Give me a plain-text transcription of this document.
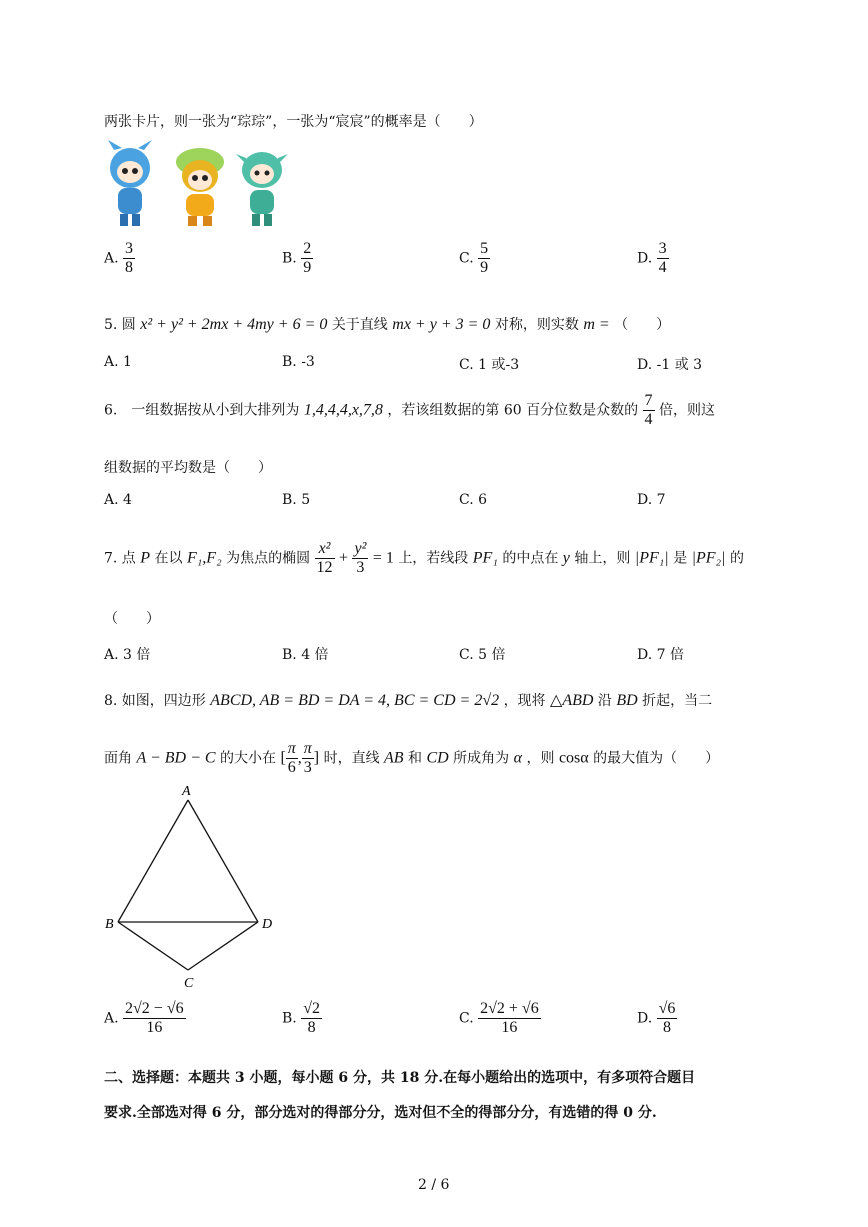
两张卡片，则一张为“琮琮”，一张为“宸宸”的概率是（　　）
A. $\frac{3}{8}$	B. $\frac{2}{9}$	C. $\frac{5}{9}$	D. $\frac{3}{4}$
5. 圆 x² + y² + 2mx + 4my + 6 = 0 关于直线 mx + y + 3 = 0 对称，则实数 m = （　　）
A. 1	B. -3	C. 1 或-3	D. -1 或 3
6.　一组数据按从小到大排列为 1,4,4,4,x,7,8 ，若该组数据的第 60 百分位数是众数的 $\frac{7}{4}$ 倍，则这
组数据的平均数是（　　）
A. 4	B. 5	C. 6	D. 7
7. 点 P 在以 F₁,F₂ 为焦点的椭圆 $\frac{\text{x²}}{12} + \frac{\text{y²}}{3} = 1$ 上，若线段 PF₁ 的中点在 y 轴上，则 |PF₁| 是 |PF₂| 的
（　　）
A. 3 倍	B. 4 倍	C. 5 倍	D. 7 倍
8. 如图，四边形 ABCD, AB = BD = DA = 4, BC = CD = 2√2 ，现将 △ABD 沿 BD 折起，当二
面角 A − BD − C 的大小在 [ $\frac{\pi}{6}$ , $\frac{\pi}{3}$ ] 时，直线 AB 和 CD 所成角为 α ，则 cosα 的最大值为（　　）
A
B	D
C
A. $\frac{2√2 - √6}{16}$	B. $\frac{√2}{8}$	C. $\frac{2√2 + √6}{16}$	D. $\frac{√6}{8}$
二、选择题：本题共 3 小题，每小题 6 分，共 18 分.在每小题给出的选项中，有多项符合题目
要求.全部选对得 6 分，部分选对的得部分分，选对但不全的得部分分，有选错的得 0 分.
2 / 6
